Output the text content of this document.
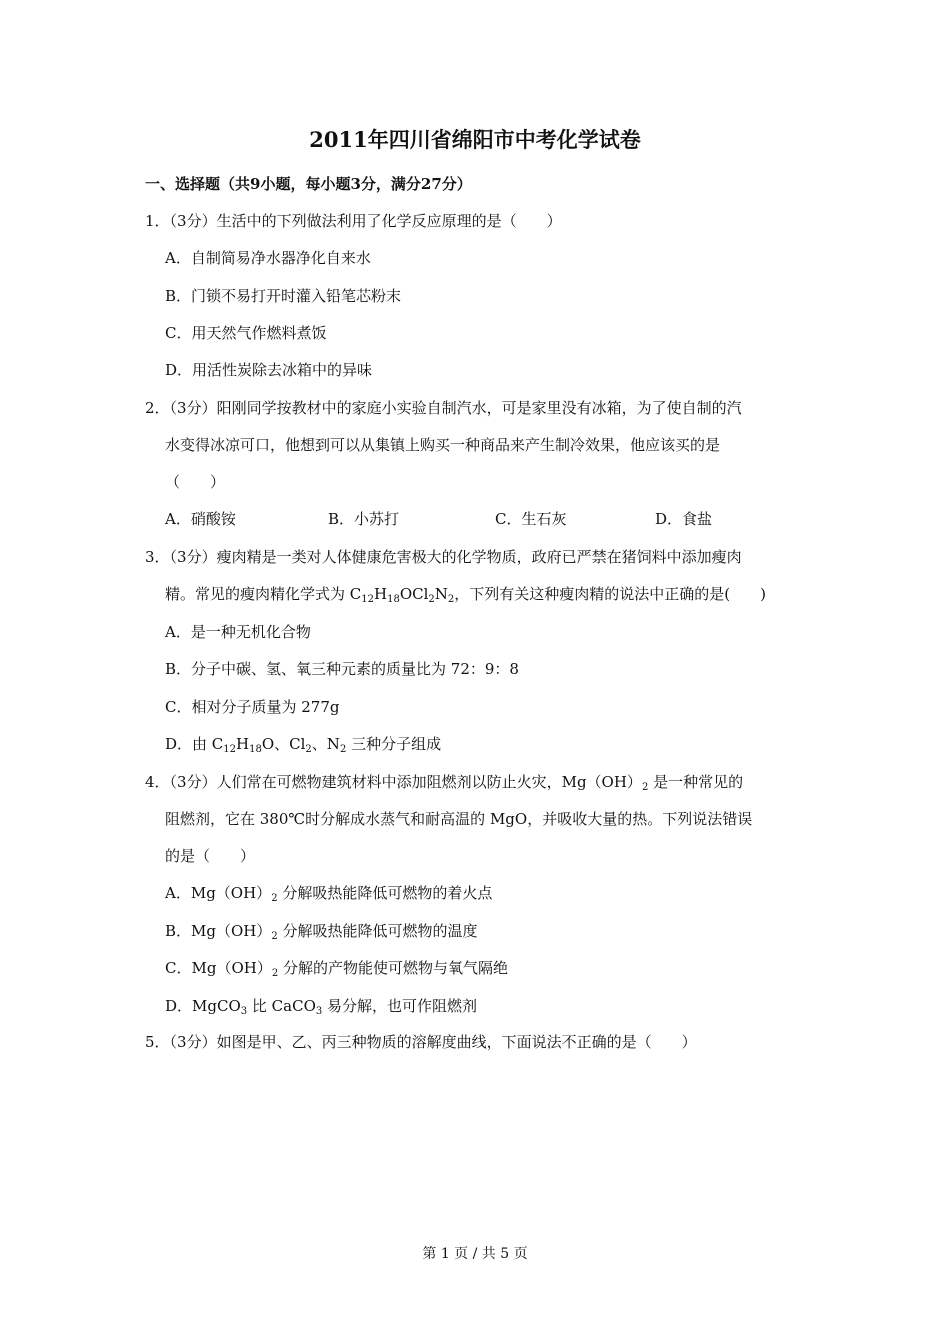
2011年四川省绵阳市中考化学试卷
一、选择题（共9小题，每小题3分，满分27分）
1．（3分）生活中的下列做法利用了化学反应原理的是（　　）
A．自制简易净水器净化自来水
B．门锁不易打开时灌入铅笔芯粉末
C．用天然气作燃料煮饭
D．用活性炭除去冰箱中的异味
2．（3分）阳刚同学按教材中的家庭小实验自制汽水，可是家里没有冰箱，为了使自制的汽
水变得冰凉可口，他想到可以从集镇上购买一种商品来产生制冷效果，他应该买的是
（　　）
A．硝酸铵	B．小苏打	C．生石灰	D．食盐
3．（3分）瘦肉精是一类对人体健康危害极大的化学物质，政府已严禁在猪饲料中添加瘦肉
精。常见的瘦肉精化学式为 $C_{12}H_{18}OCl_2N_2$，下列有关这种瘦肉精的说法中正确的是(　　)
A．是一种无机化合物
B．分子中碳、氢、氧三种元素的质量比为 72：9：8
C．相对分子质量为 277g
D．由 $C_{12}H_{18}O$、$Cl_2$、$N_2$ 三种分子组成
4．（3分）人们常在可燃物建筑材料中添加阻燃剂以防止火灾，$Mg(OH)_2$ 是一种常见的
阻燃剂，它在 380℃时分解成水蒸气和耐高温的 MgO，并吸收大量的热。下列说法错误
的是（　　）
A．$Mg(OH)_2$ 分解吸热能降低可燃物的着火点
B．$Mg(OH)_2$ 分解吸热能降低可燃物的温度
C．$Mg(OH)_2$ 分解的产物能使可燃物与氧气隔绝
D．MgCO$_3$ 比 CaCO$_3$ 易分解，也可作阻燃剂
5．（3分）如图是甲、乙、丙三种物质的溶解度曲线，下面说法不正确的是（　　）
第 1 页 / 共 5 页
